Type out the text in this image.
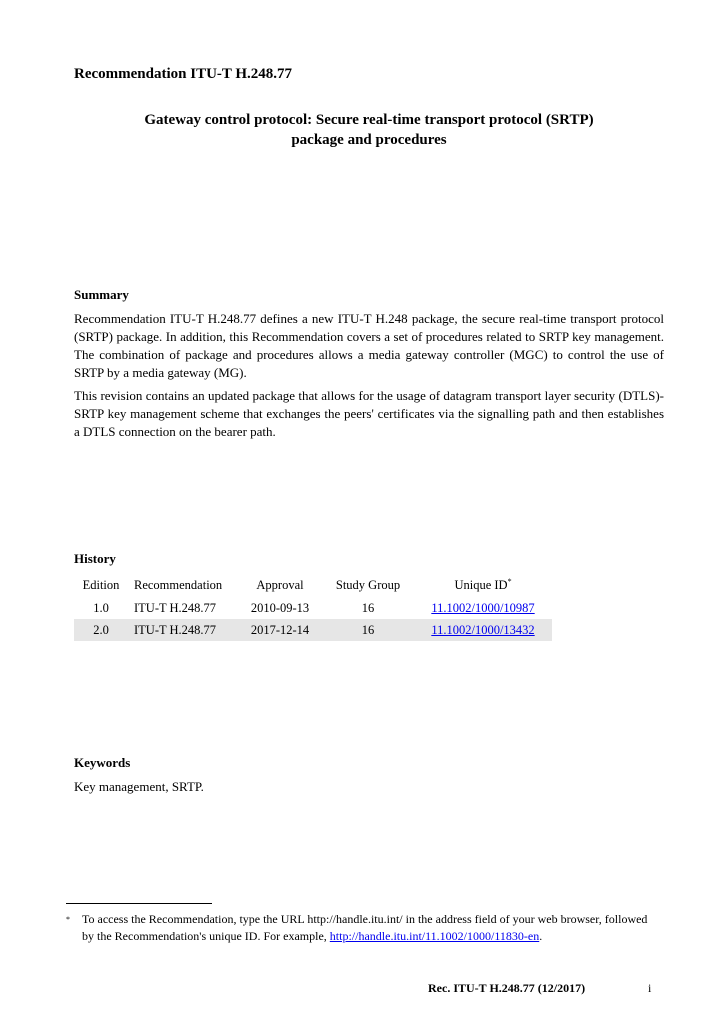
Recommendation ITU-T H.248.77
Gateway control protocol: Secure real-time transport protocol (SRTP)
package and procedures
Summary

Recommendation ITU-T H.248.77 defines a new ITU-T H.248 package, the secure real-time transport protocol (SRTP) package. In addition, this Recommendation covers a set of procedures related to SRTP key management. The combination of package and procedures allows a media gateway controller (MGC) to control the use of SRTP by a media gateway (MG).

This revision contains an updated package that allows for the usage of datagram transport layer security (DTLS)-SRTP key management scheme that exchanges the peers' certificates via the signalling path and then establishes a DTLS connection on the bearer path.

History
Edition	Recommendation	Approval	Study Group	Unique ID*
1.0	ITU-T H.248.77	2010-09-13	16	11.1002/1000/10987
2.0	ITU-T H.248.77	2017-12-14	16	11.1002/1000/13432
Keywords

Key management, SRTP.

* To access the Recommendation, type the URL http://handle.itu.int/ in the address field of your web browser, followed by the Recommendation's unique ID. For example, http://handle.itu.int/11.1002/1000/11830-en.
Rec. ITU-T H.248.77 (12/2017)	i
